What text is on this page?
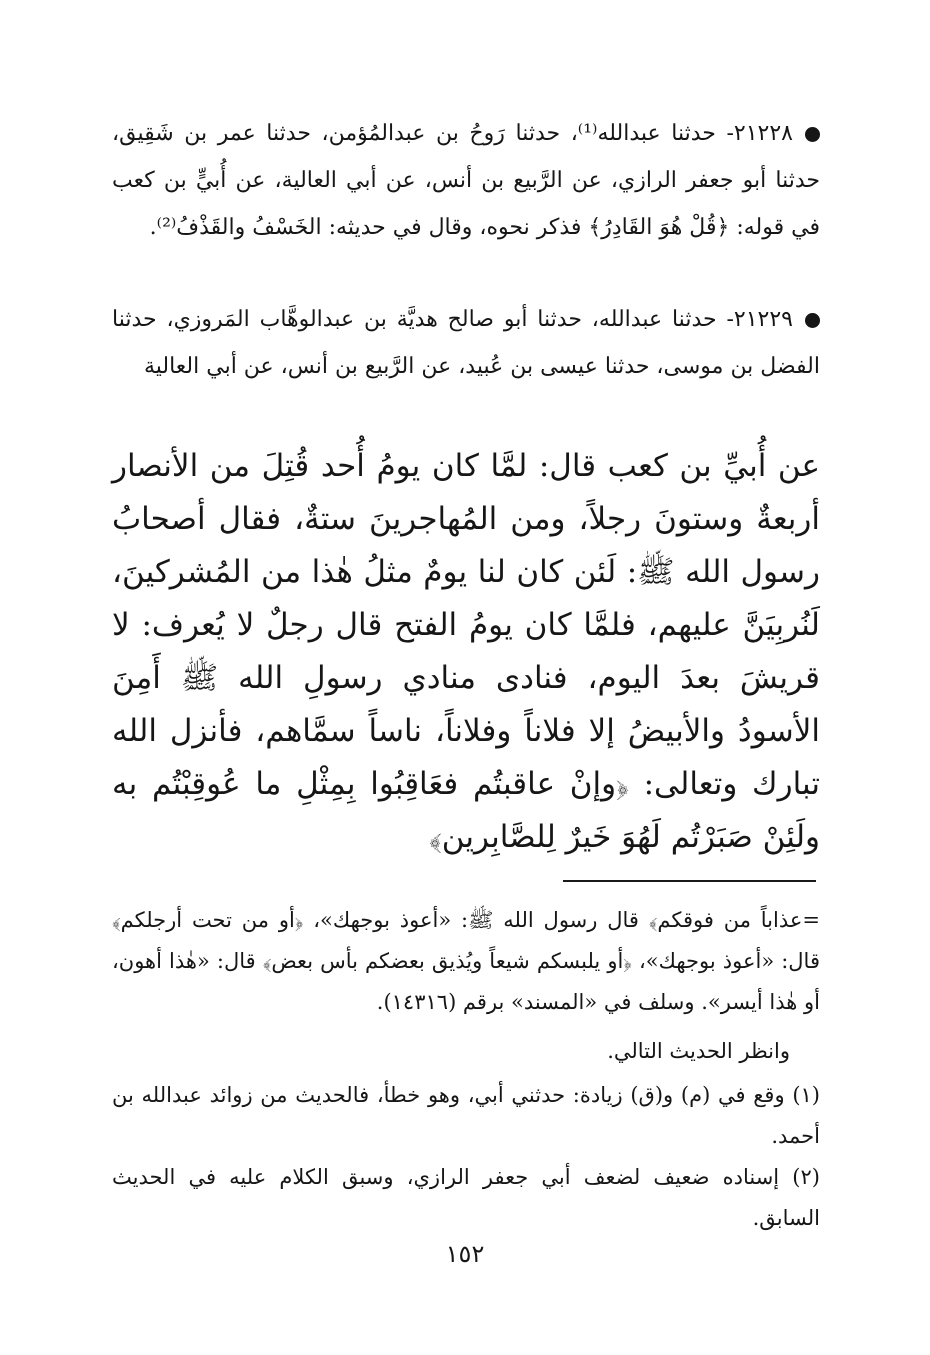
٢١٢٢٨- حدثنا عبدالله⁽¹⁾، حدثنا رَوحُ بن عبدالمُؤمن، حدثنا عمر بن شَقِيق، حدثنا أبو جعفر الرازي، عن الرَّبيع بن أنس، عن أبي العالية، عن أُبيٍّ بن كعب في قوله: ﴿قُلْ هُوَ القَادِرُ﴾ فذكر نحوه، وقال في حديثه: الخَسْفُ والقَذْفُ⁽²⁾.
٢١٢٢٩- حدثنا عبدالله، حدثنا أبو صالح هديَّة بن عبدالوهَّاب المَروزي، حدثنا الفضل بن موسى، حدثنا عيسى بن عُبيد، عن الرَّبيع بن أنس، عن أبي العالية
عن أُبيِّ بن كعب قال: لمَّا كان يومُ أُحد قُتِلَ من الأنصار أربعةٌ وستونَ رجلاً، ومن المُهاجرينَ ستةٌ، فقال أصحابُ رسول الله ﷺ: لَئن كان لنا يومٌ مثلُ هٰذا من المُشركينَ، لَنُربِيَنَّ عليهم، فلمَّا كان يومُ الفتح قال رجلٌ لا يُعرف: لا قريشَ بعدَ اليوم، فنادى منادي رسولِ الله ﷺ أَمِنَ الأسودُ والأبيضُ إلا فلاناً وفلاناً، ناساً سمَّاهم، فأنزل الله تبارك وتعالى: ﴿وإنْ عاقبتُم فعَاقِبُوا بِمِثْلِ ما عُوقِبْتُم به ولَئِنْ صَبَرْتُم لَهُوَ خَيرٌ لِلصَّابِرين﴾
=عذاباً من فوقكم﴾ قال رسول الله ﷺ: «أعوذ بوجهك»، ﴿أو من تحت أرجلكم﴾ قال: «أعوذ بوجهك»، ﴿أو يلبسكم شيعاً ويُذيق بعضكم بأس بعض﴾ قال: «هٰذا أهون، أو هٰذا أيسر». وسلف في «المسند» برقم (١٤٣١٦).
وانظر الحديث التالي.
(١) وقع في (م) و(ق) زيادة: حدثني أبي، وهو خطأ، فالحديث من زوائد عبدالله بن أحمد.
(٢) إسناده ضعيف لضعف أبي جعفر الرازي، وسبق الكلام عليه في الحديث السابق.
١٥٢
